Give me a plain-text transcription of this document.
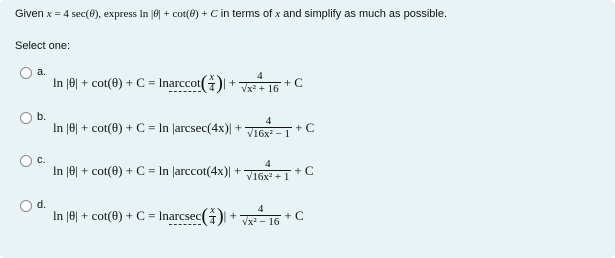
Given x = 4 sec(θ), express ln |θ| + cot(θ) + C in terms of x and simplify as much as possible.
Select one:
a.
ln |θ| + cot(θ) + C = ln arccot ( $\frac{x}{4}$ ) | + $\frac{4}{\text{√x² + 16}} + C$
b.
$\ln |\theta| + \cot(\theta) + C = \ln |arcsec(4x)| + \frac{4}{\text{√16x² − 1}} + C$
c.
$\ln |\theta| + \cot(\theta) + C = \ln |arccot(4x)| + \frac{4}{\text{√16x² + 1}} + C$
d.
ln |θ| + cot(θ) + C = ln arcsec ( $\frac{x}{4}$ ) | + $\frac{4}{\text{√x² − 16}} + C$
